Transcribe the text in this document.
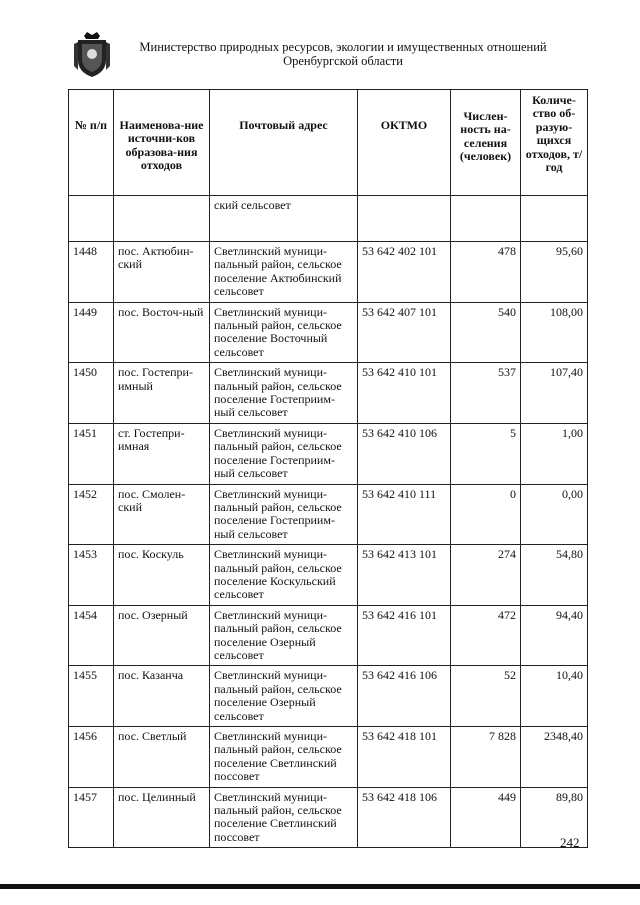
Министерство природных ресурсов, экологии и имущественных отношений
Оренбургской области
№ п/п	Наименова-ние источни-ков образова-ния отходов	Почтовый адрес	ОКТМО	Числен-ность на-селения (человек)	Количе-ство об-разую-щихся отходов, т/год
		ский сельсовет			
1448	пос. Актюбин-ский	Светлинский муници-пальный район, сельское поселение Актюбинский сельсовет	53 642 402 101	478	95,60
1449	пос. Восточ-ный	Светлинский муници-пальный район, сельское поселение Восточный сельсовет	53 642 407 101	540	108,00
1450	пос. Гостепри-имный	Светлинский муници-пальный район, сельское поселение Гостеприим-ный сельсовет	53 642 410 101	537	107,40
1451	ст. Гостепри-имная	Светлинский муници-пальный район, сельское поселение Гостеприим-ный сельсовет	53 642 410 106	5	1,00
1452	пос. Смолен-ский	Светлинский муници-пальный район, сельское поселение Гостеприим-ный сельсовет	53 642 410 111	0	0,00
1453	пос. Коскуль	Светлинский муници-пальный район, сельское поселение Коскульский сельсовет	53 642 413 101	274	54,80
1454	пос. Озерный	Светлинский муници-пальный район, сельское поселение Озерный сельсовет	53 642 416 101	472	94,40
1455	пос. Казанча	Светлинский муници-пальный район, сельское поселение Озерный сельсовет	53 642 416 106	52	10,40
1456	пос. Светлый	Светлинский муници-пальный район, сельское поселение Светлинский поссовет	53 642 418 101	7 828	2348,40
1457	пос. Целинный	Светлинский муници-пальный район, сельское поселение Светлинский поссовет	53 642 418 106	449	89,80
242
